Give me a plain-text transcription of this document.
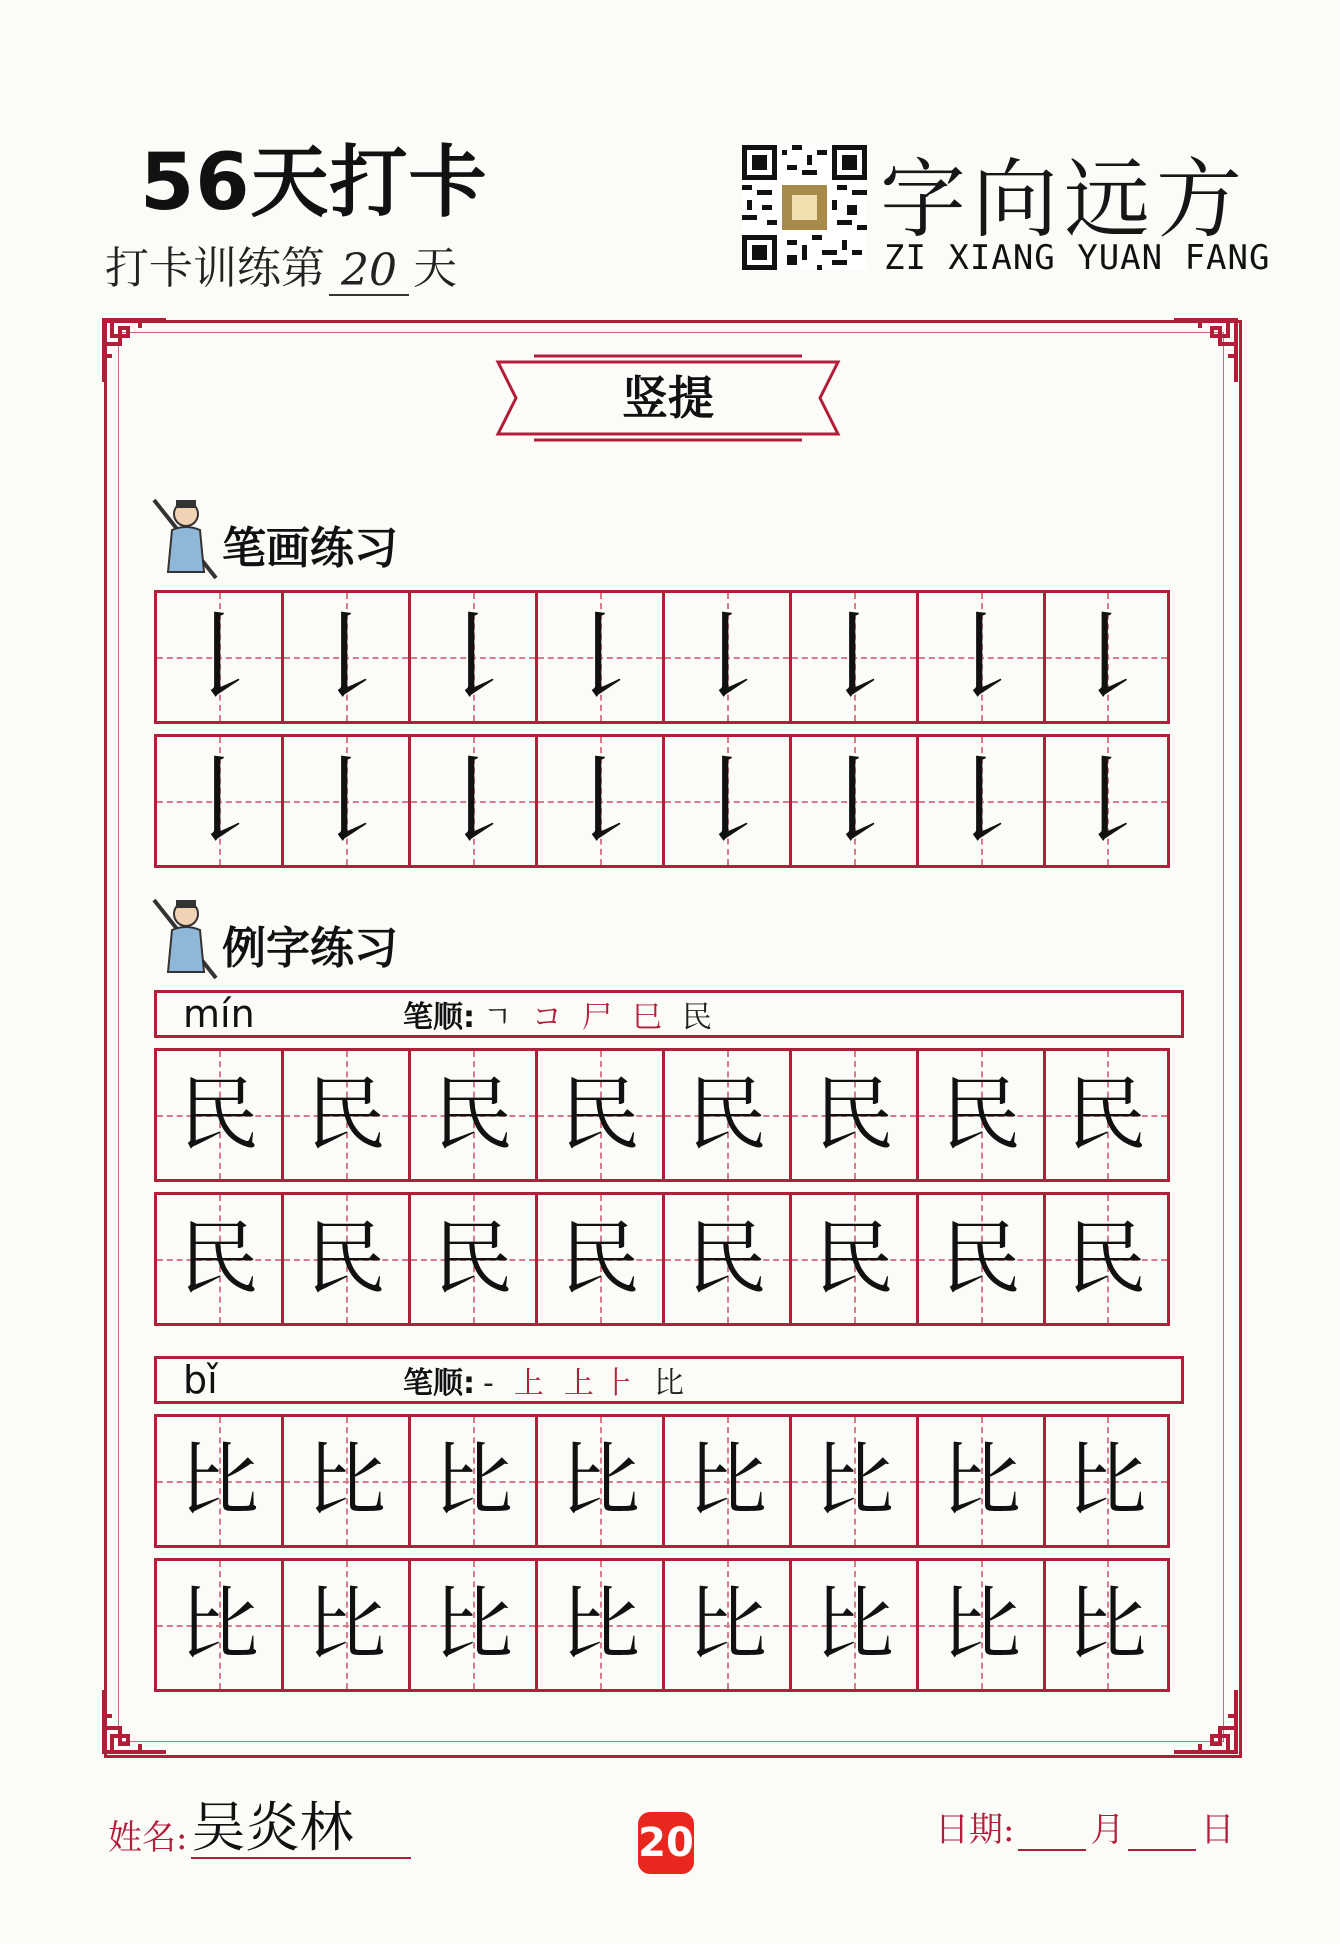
56天打卡
打卡训练第 20 天
字向远方
ZI XIANG YUAN FANG
竖提
笔画练习
𠄌 𠄌 𠄌 𠄌 𠄌 𠄌 𠄌 𠄌
𠄌 𠄌 𠄌 𠄌 𠄌 𠄌 𠄌 𠄌
例字练习
mín	笔顺: ㄱ コ 尸 巳 民
民 民 民 民 民 民 民 民
民 民 民 民 民 民 民 民
bǐ	笔顺: - 上 上⺊ 比
比 比 比 比 比 比 比 比
比 比 比 比 比 比 比 比
姓名: 吴炎林	20	日期: 月 日
